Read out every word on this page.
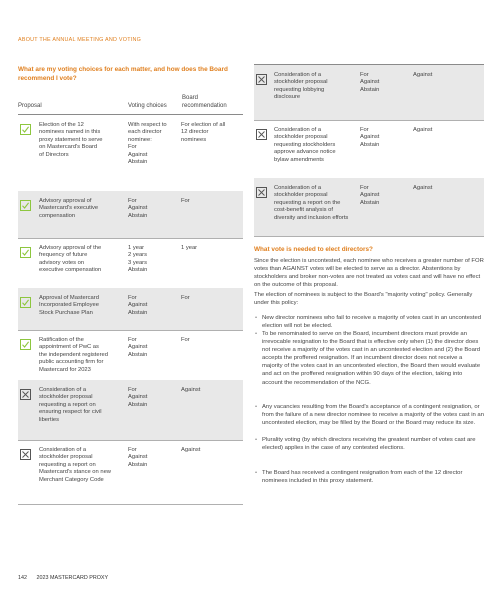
ABOUT THE ANNUAL MEETING AND VOTING
What are my voting choices for each matter, and how does the Board recommend I vote?
Proposal	Voting choices
Board
recommendation
Election of the 12
nominees named in this
proxy statement to serve
on Mastercard's Board
of Directors
With respect to
each director
nominee:
For
Against
Abstain
For election of all
12 director
nominees
Advisory approval of
Mastercard's executive
compensation
For
Against
Abstain
For
Advisory approval of the
frequency of future
advisory votes on
executive compensation
1 year
2 years
3 years
Abstain
1 year
Approval of Mastercard
Incorporated Employee
Stock Purchase Plan
For
Against
Abstain
For
Ratification of the
appointment of PwC as
the independent registered
public accounting firm for
Mastercard for 2023
For
Against
Abstain
For
Consideration of a
stockholder proposal
requesting a report on
ensuring respect for civil
liberties
For
Against
Abstain
Against
Consideration of a
stockholder proposal
requesting a report on
Mastercard's stance on new
Merchant Category Code
For
Against
Abstain
Against
Consideration of a
stockholder proposal
requesting lobbying
disclosure
For
Against
Abstain
Against
Consideration of a
stockholder proposal
requesting stockholders
approve advance notice
bylaw amendments
For
Against
Abstain
Against
Consideration of a
stockholder proposal
requesting a report on the
cost-benefit analysis of
diversity and inclusion efforts
For
Against
Abstain
Against
What vote is needed to elect directors?
Since the election is uncontested, each nominee who receives a greater number of FOR votes than AGAINST votes will be elected to serve as a director. Abstentions by stockholders and broker non-votes are not treated as votes cast and will have no effect on the outcome of this proposal.
The election of nominees is subject to the Board's "majority voting" policy. Generally under this policy:
• New director nominees who fail to receive a majority of votes cast in an uncontested election will not be elected.
• To be renominated to serve on the Board, incumbent directors must provide an irrevocable resignation to the Board that is effective only when (1) the director does not receive a majority of the votes cast in an uncontested election and (2) the Board accepts the proffered resignation. If an incumbent director does not receive a majority of the votes cast in an uncontested election, the Board then would evaluate and act on the proffered resignation within 90 days of the election, taking into account the recommendation of the NCG.
• Any vacancies resulting from the Board's acceptance of a contingent resignation, or from the failure of a new director nominee to receive a majority of the votes cast in an uncontested election, may be filled by the Board or the Board may reduce its size.
• Plurality voting (by which directors receiving the greatest number of votes cast are elected) applies in the case of any contested elections.
• The Board has received a contingent resignation from each of the 12 director nominees included in this proxy statement.
142 2023 MASTERCARD PROXY
